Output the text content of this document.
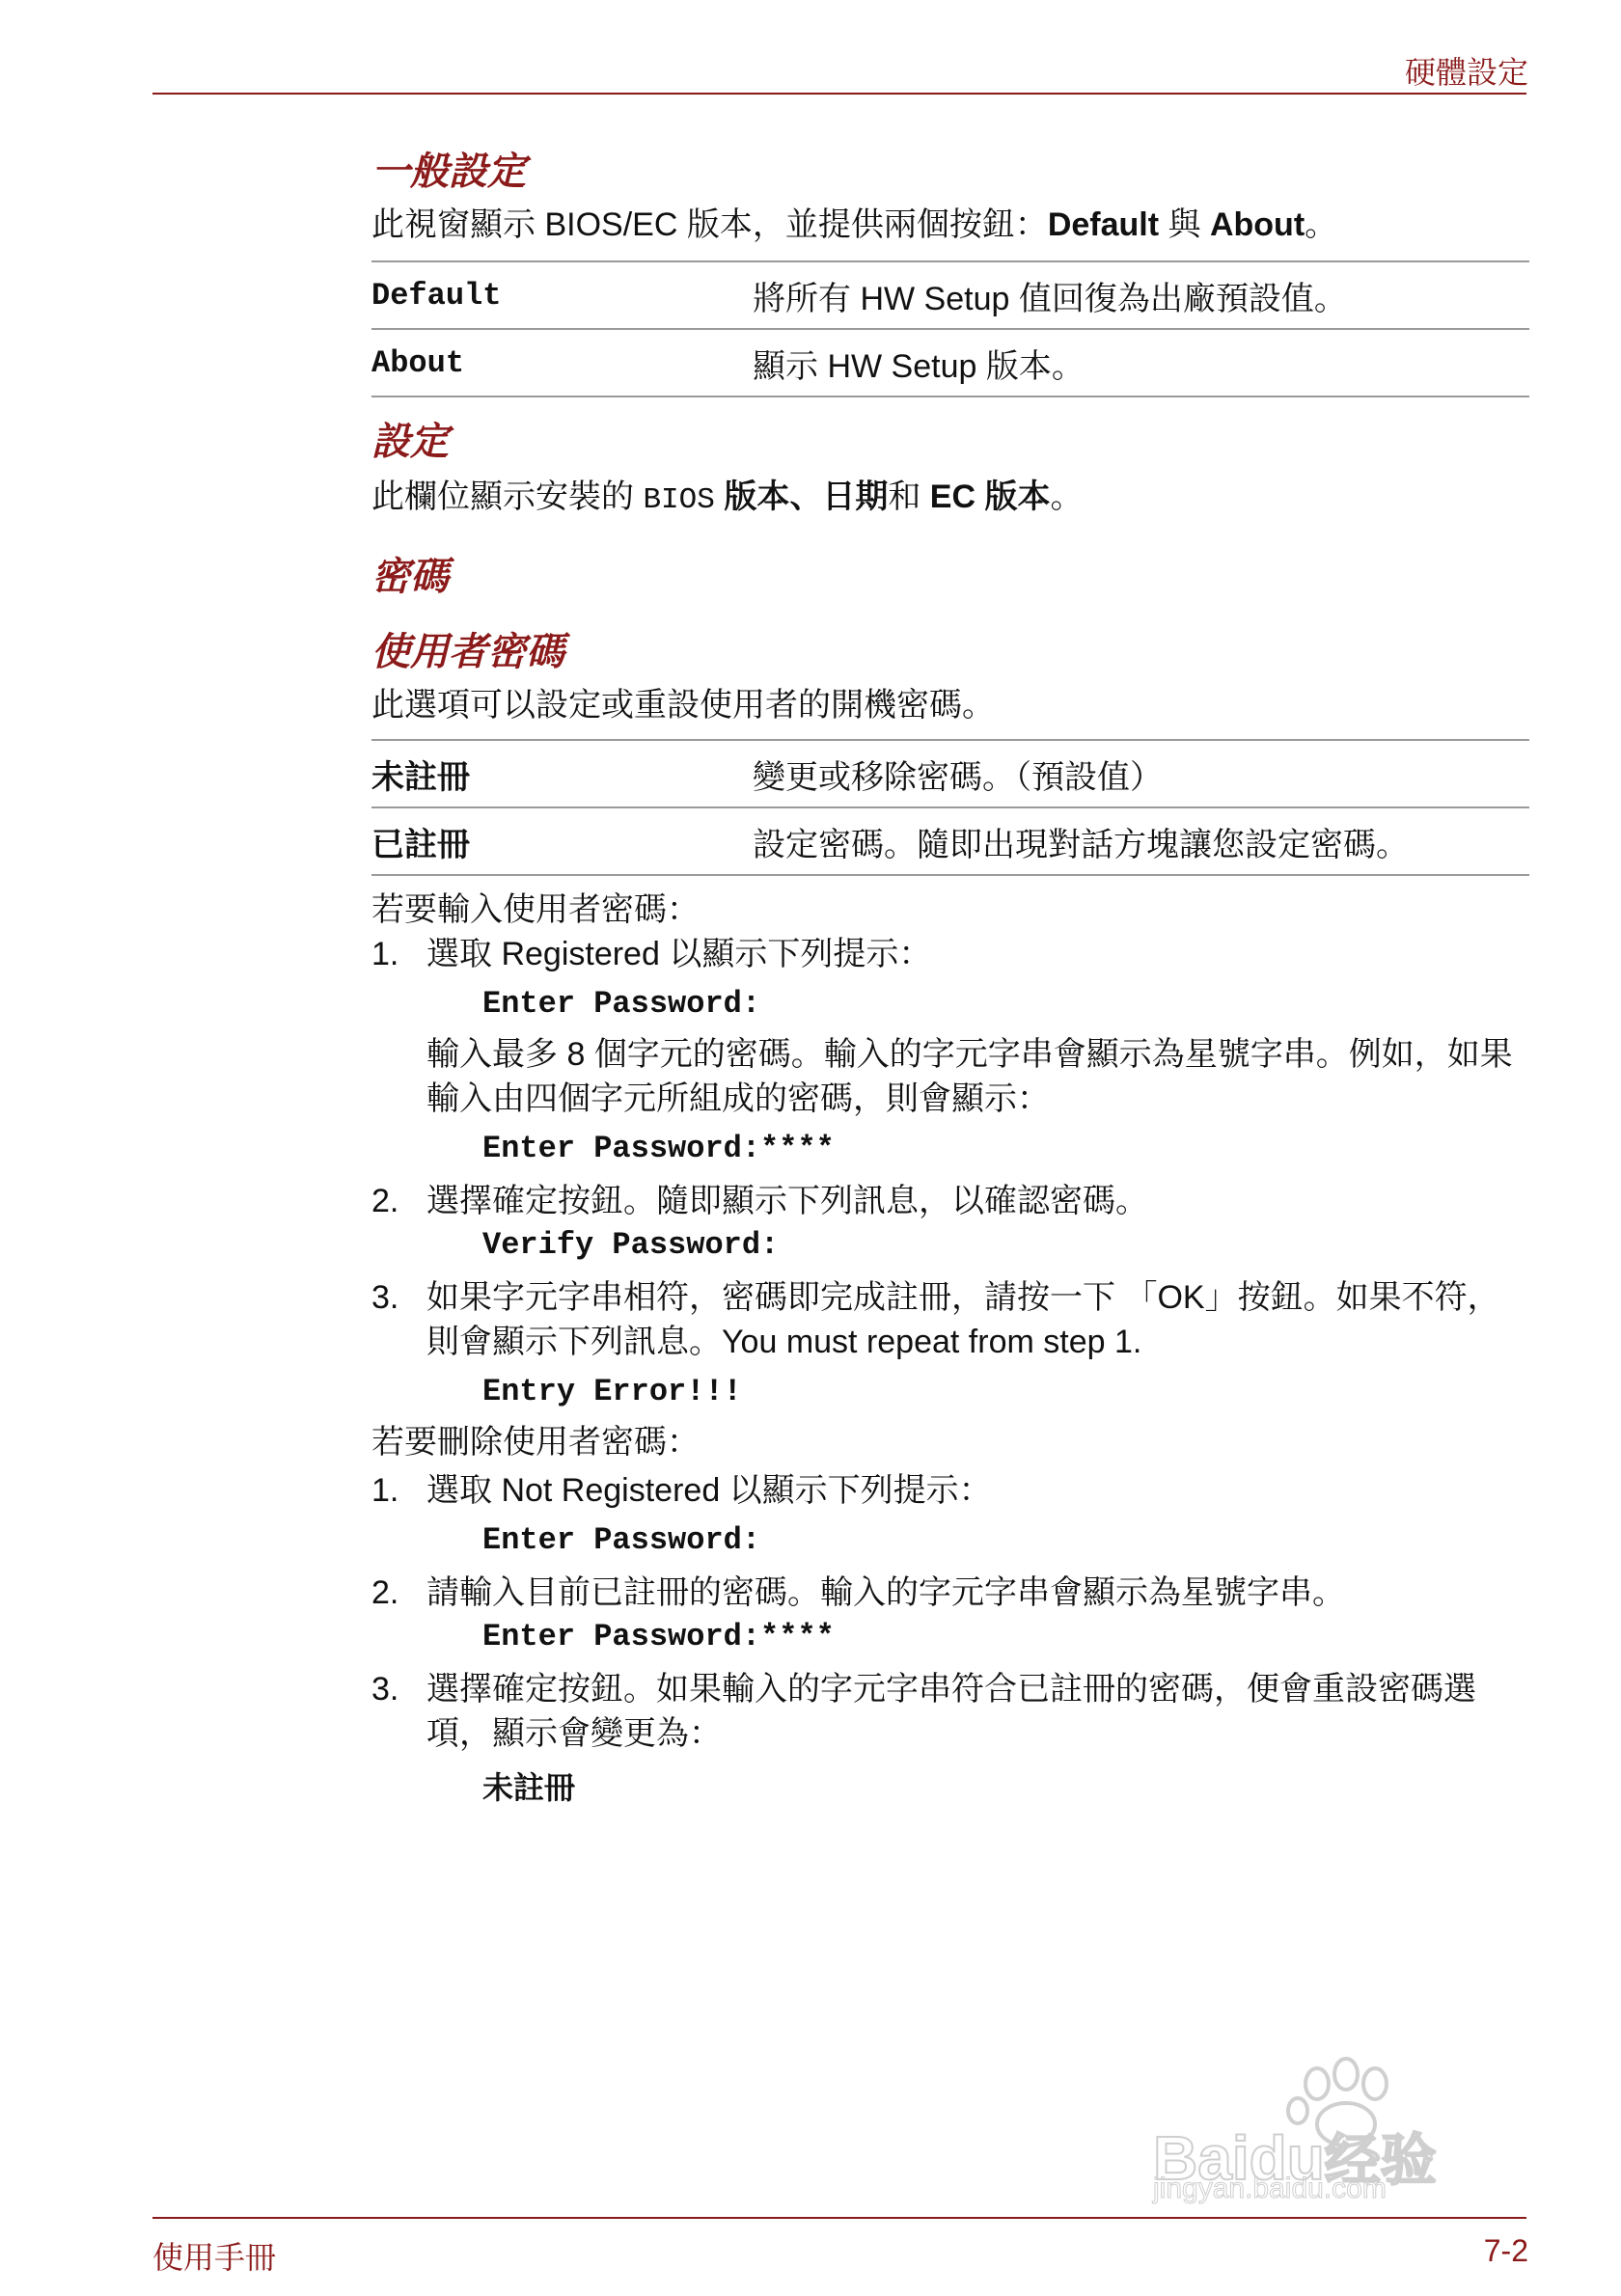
硬體設定
一般設定

此視窗顯示 BIOS/EC 版本，並提供兩個按鈕：Default 與 About。

Default	將所有 HW Setup 值回復為出廠預設值。
About	顯示 HW Setup 版本。
設定

此欄位顯示安裝的 BIOS 版本、日期和 EC 版本。

密碼
使用者密碼

此選項可以設定或重設使用者的開機密碼。

未註冊	變更或移除密碼。（預設值）
已註冊	設定密碼。隨即出現對話方塊讓您設定密碼。

若要輸入使用者密碼：

1. 選取 Registered 以顯示下列提示：
Enter Password:
輸入最多 8 個字元的密碼。輸入的字元字串會顯示為星號字串。例如，如果輸入由四個字元所組成的密碼，則會顯示：
Enter Password:****
2. 選擇確定按鈕。隨即顯示下列訊息，以確認密碼。
Verify Password:
3. 如果字元字串相符，密碼即完成註冊，請按一下 「OK」按鈕。如果不符，則會顯示下列訊息。You must repeat from step 1.
Entry Error!!!

若要刪除使用者密碼：

1. 選取 Not Registered 以顯示下列提示：
Enter Password:
2. 請輸入目前已註冊的密碼。輸入的字元字串會顯示為星號字串。
Enter Password:****
3. 選擇確定按鈕。如果輸入的字元字串符合已註冊的密碼，便會重設密碼選項，顯示會變更為：
未註冊
Baidu经验
jingyan.baidu.com
使用手冊	7-2
